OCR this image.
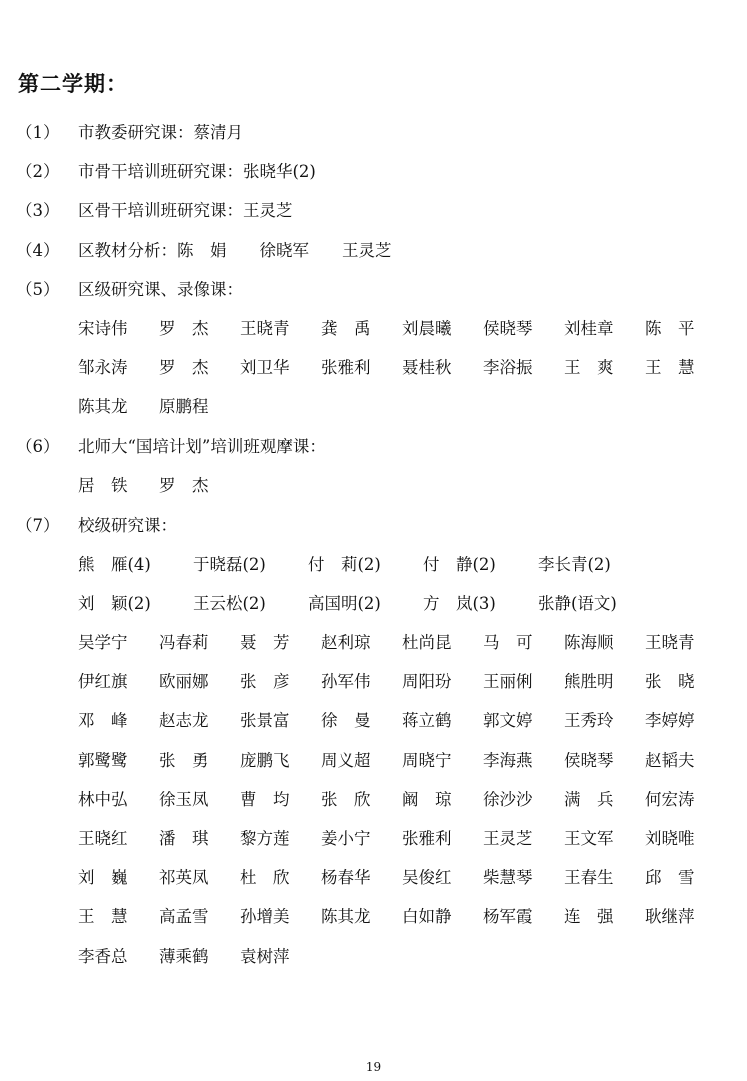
第二学期：
（1）	市教委研究课：蔡清月
（2）	市骨干培训班研究课：张晓华(2)
（3）	区骨干培训班研究课：王灵芝
（4）	区教材分析：陈　娟　　徐晓军　　王灵芝
（5）	区级研究课、录像课：
（6）	北师大“国培计划”培训班观摩课：
（7）	校级研究课：
宋诗伟 罗　杰 王晓青 龚　禹 刘晨曦 侯晓琴 刘桂章 陈　平
邹永涛 罗　杰 刘卫华 张雅利 聂桂秋 李浴振 王　爽 王　慧
陈其龙 原鹏程
居　铁 罗　杰
熊　雁(4)	于晓磊(2)	付　莉(2)	付　静(2)	李长青(2)
刘　颖(2)	王云松(2)	高国明(2)	方　岚(3)	张静(语文)
吴学宁 冯春莉 聂　芳 赵利琼 杜尚昆 马　可 陈海顺 王晓青
伊红旗 欧丽娜 张　彦 孙军伟 周阳玢 王丽俐 熊胜明 张　晓
邓　峰 赵志龙 张景富 徐　曼 蒋立鹤 郭文婷 王秀玲 李婷婷
郭鹭鹭 张　勇 庞鹏飞 周义超 周晓宁 李海燕 侯晓琴 赵韬夫
林中弘 徐玉凤 曹　均 张　欣 阚　琼 徐沙沙 满　兵 何宏涛
王晓红 潘　琪 黎方莲 姜小宁 张雅利 王灵芝 王文军 刘晓唯
刘　巍 祁英凤 杜　欣 杨春华 吴俊红 柴慧琴 王春生 邱　雪
王　慧 高孟雪 孙增美 陈其龙 白如静 杨军霞 连　强 耿继萍
李香总 薄乘鹤 袁树萍
19
